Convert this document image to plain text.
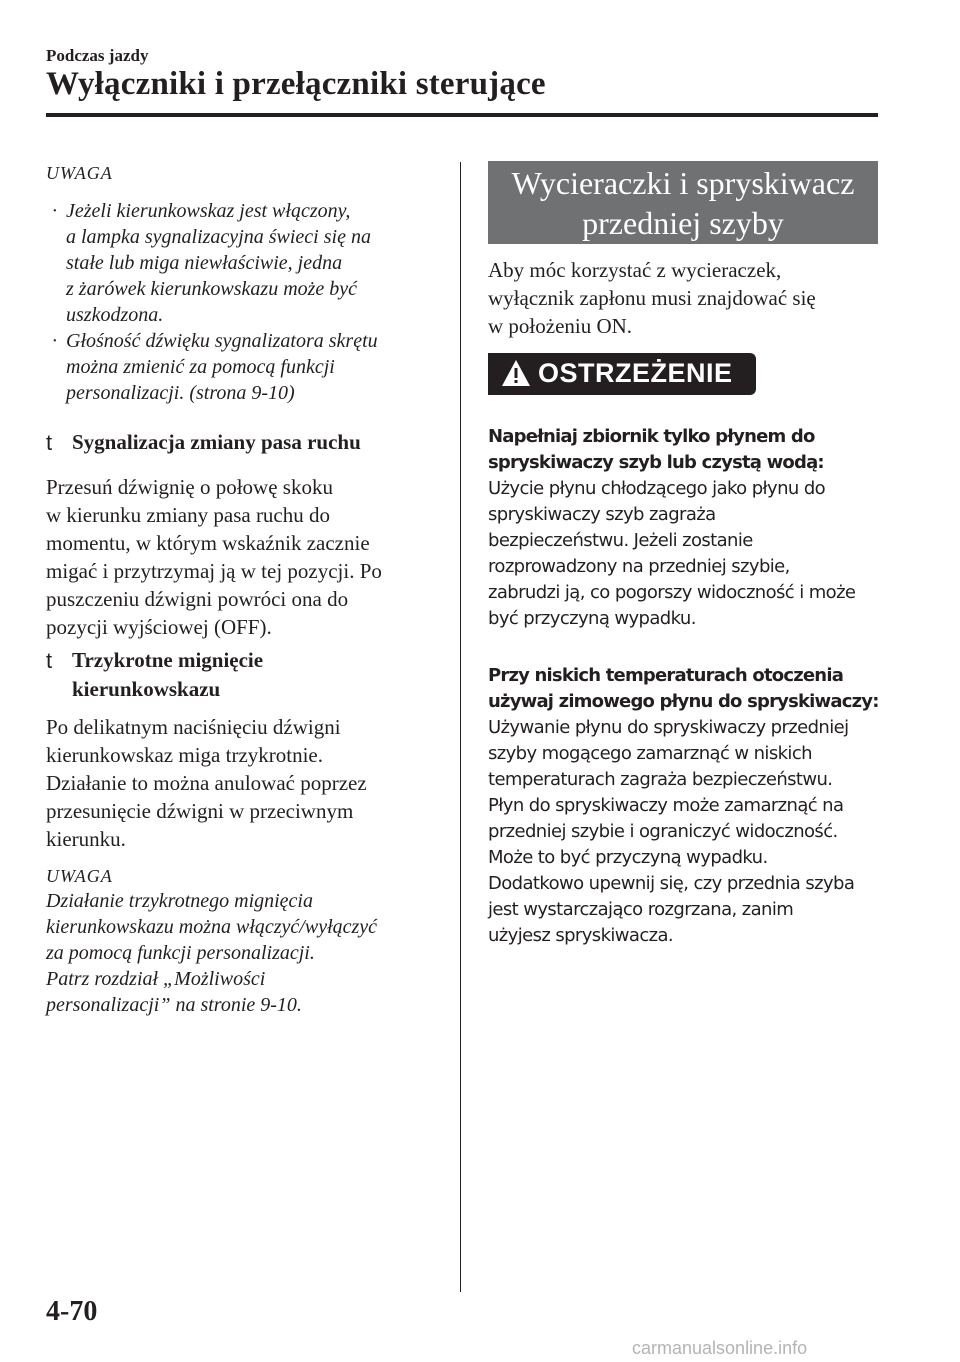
Podczas jazdy
Wyłączniki i przełączniki sterujące
UWAGA
· Jeżeli kierunkowskaz jest włączony,
a lampka sygnalizacyjna świeci się na
stałe lub miga niewłaściwie, jedna
z żarówek kierunkowskazu może być
uszkodzona.
· Głośność dźwięku sygnalizatora skrętu
można zmienić za pomocą funkcji
personalizacji. (strona 9-10)
t Sygnalizacja zmiany pasa ruchu
Przesuń dźwignię o połowę skoku
w kierunku zmiany pasa ruchu do
momentu, w którym wskaźnik zacznie
migać i przytrzymaj ją w tej pozycji. Po
puszczeniu dźwigni powróci ona do
pozycji wyjściowej (OFF).
t Trzykrotne mignięcie
kierunkowskazu
Po delikatnym naciśnięciu dźwigni
kierunkowskaz miga trzykrotnie.
Działanie to można anulować poprzez
przesunięcie dźwigni w przeciwnym
kierunku.
UWAGA
Działanie trzykrotnego mignięcia
kierunkowskazu można włączyć/wyłączyć
za pomocą funkcji personalizacji.
Patrz rozdział „Możliwości
personalizacji” na stronie 9-10.
Wycieraczki i spryskiwacz
przedniej szyby
Aby móc korzystać z wycieraczek,
wyłącznik zapłonu musi znajdować się
w położeniu ON.
OSTRZEŻENIE
Napełniaj zbiornik tylko płynem do
spryskiwaczy szyb lub czystą wodą:
Użycie płynu chłodzącego jako płynu do
spryskiwaczy szyb zagraża
bezpieczeństwu. Jeżeli zostanie
rozprowadzony na przedniej szybie,
zabrudzi ją, co pogorszy widoczność i może
być przyczyną wypadku.
Przy niskich temperaturach otoczenia
używaj zimowego płynu do spryskiwaczy:
Używanie płynu do spryskiwaczy przedniej
szyby mogącego zamarznąć w niskich
temperaturach zagraża bezpieczeństwu.
Płyn do spryskiwaczy może zamarznąć na
przedniej szybie i ograniczyć widoczność.
Może to być przyczyną wypadku.
Dodatkowo upewnij się, czy przednia szyba
jest wystarczająco rozgrzana, zanim
użyjesz spryskiwacza.
4-70
carmanualsonline.info
